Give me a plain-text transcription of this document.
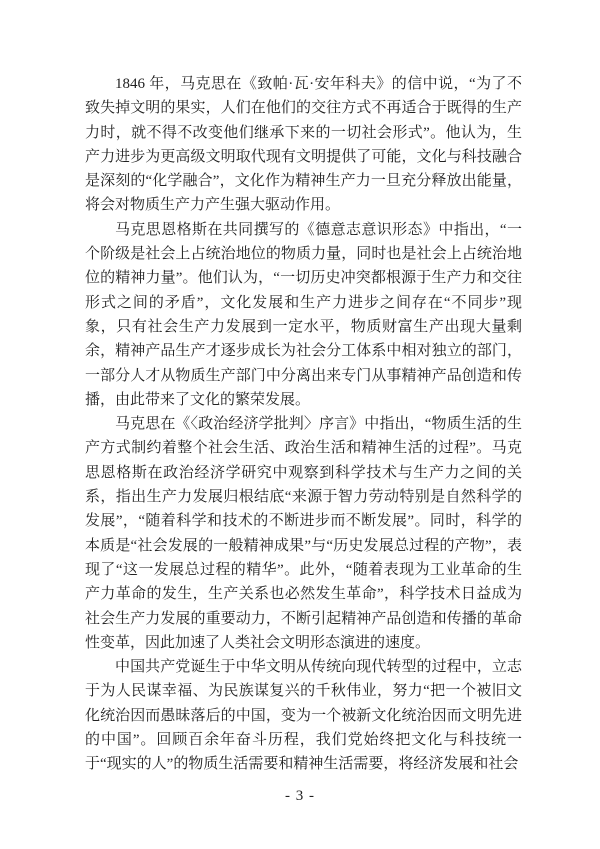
1846 年，马克思在《致帕·瓦·安年科夫》的信中说，“为了不致失掉文明的果实，人们在他们的交往方式不再适合于既得的生产力时，就不得不改变他们继承下来的一切社会形式”。他认为，生产力进步为更高级文明取代现有文明提供了可能，文化与科技融合是深刻的“化学融合”，文化作为精神生产力一旦充分释放出能量，将会对物质生产力产生强大驱动作用。

马克思恩格斯在共同撰写的《德意志意识形态》中指出，“一个阶级是社会上占统治地位的物质力量，同时也是社会上占统治地位的精神力量”。他们认为，“一切历史冲突都根源于生产力和交往形式之间的矛盾”，文化发展和生产力进步之间存在“不同步”现象，只有社会生产力发展到一定水平，物质财富生产出现大量剩余，精神产品生产才逐步成长为社会分工体系中相对独立的部门，一部分人才从物质生产部门中分离出来专门从事精神产品创造和传播，由此带来了文化的繁荣发展。

马克思在《〈政治经济学批判〉序言》中指出，“物质生活的生产方式制约着整个社会生活、政治生活和精神生活的过程”。马克思恩格斯在政治经济学研究中观察到科学技术与生产力之间的关系，指出生产力发展归根结底“来源于智力劳动特别是自然科学的发展”，“随着科学和技术的不断进步而不断发展”。同时，科学的本质是“社会发展的一般精神成果”与“历史发展总过程的产物”，表现了“这一发展总过程的精华”。此外，“随着表现为工业革命的生产力革命的发生，生产关系也必然发生革命”，科学技术日益成为社会生产力发展的重要动力，不断引起精神产品创造和传播的革命性变革，因此加速了人类社会文明形态演进的速度。

中国共产党诞生于中华文明从传统向现代转型的过程中，立志于为人民谋幸福、为民族谋复兴的千秋伟业，努力“把一个被旧文化统治因而愚昧落后的中国，变为一个被新文化统治因而文明先进的中国”。回顾百余年奋斗历程，我们党始终把文化与科技统一于“现实的人”的物质生活需要和精神生活需要，将经济发展和社会

- 3 -
